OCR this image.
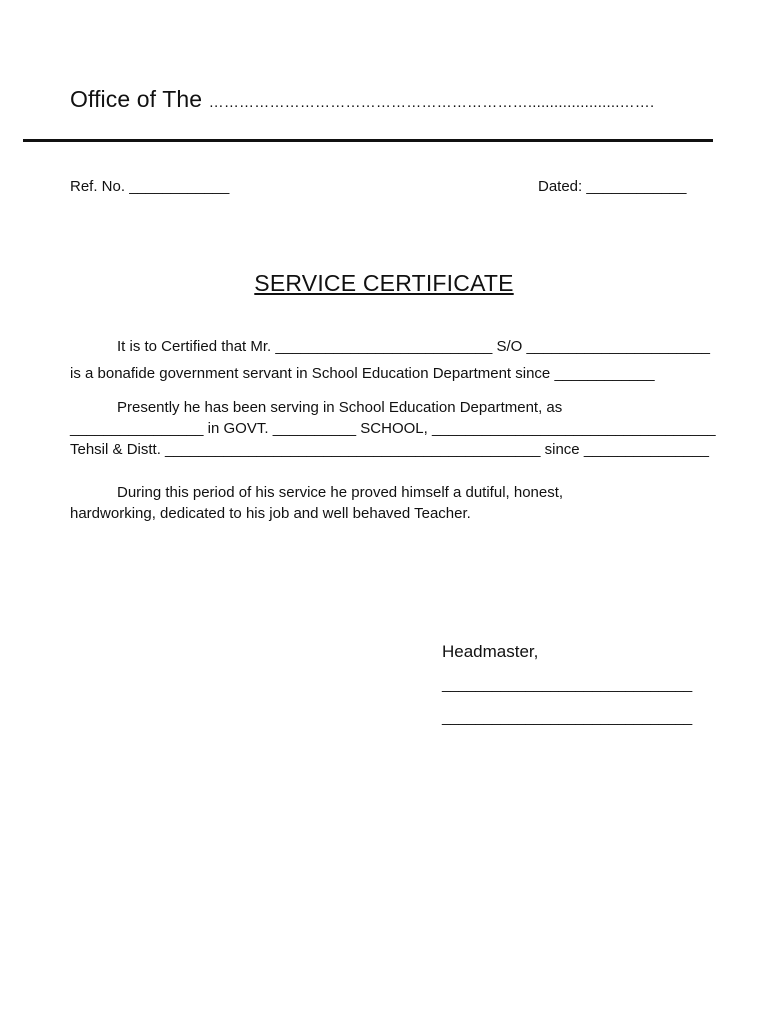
Office of The ……………………………………………………….....................…….
Ref. No. ____________	Dated: ____________
SERVICE CERTIFICATE
It is to Certified that Mr. __________________________ S/O ______________________
is a bonafide government servant in School Education Department since ____________
Presently he has been serving in School Education Department, as
________________ in GOVT. __________ SCHOOL, __________________________________
Tehsil & Distt. _____________________________________________ since _______________
During this period of his service he proved himself a dutiful, honest,
hardworking, dedicated to his job and well behaved Teacher.
Headmaster,
______________________________
______________________________
